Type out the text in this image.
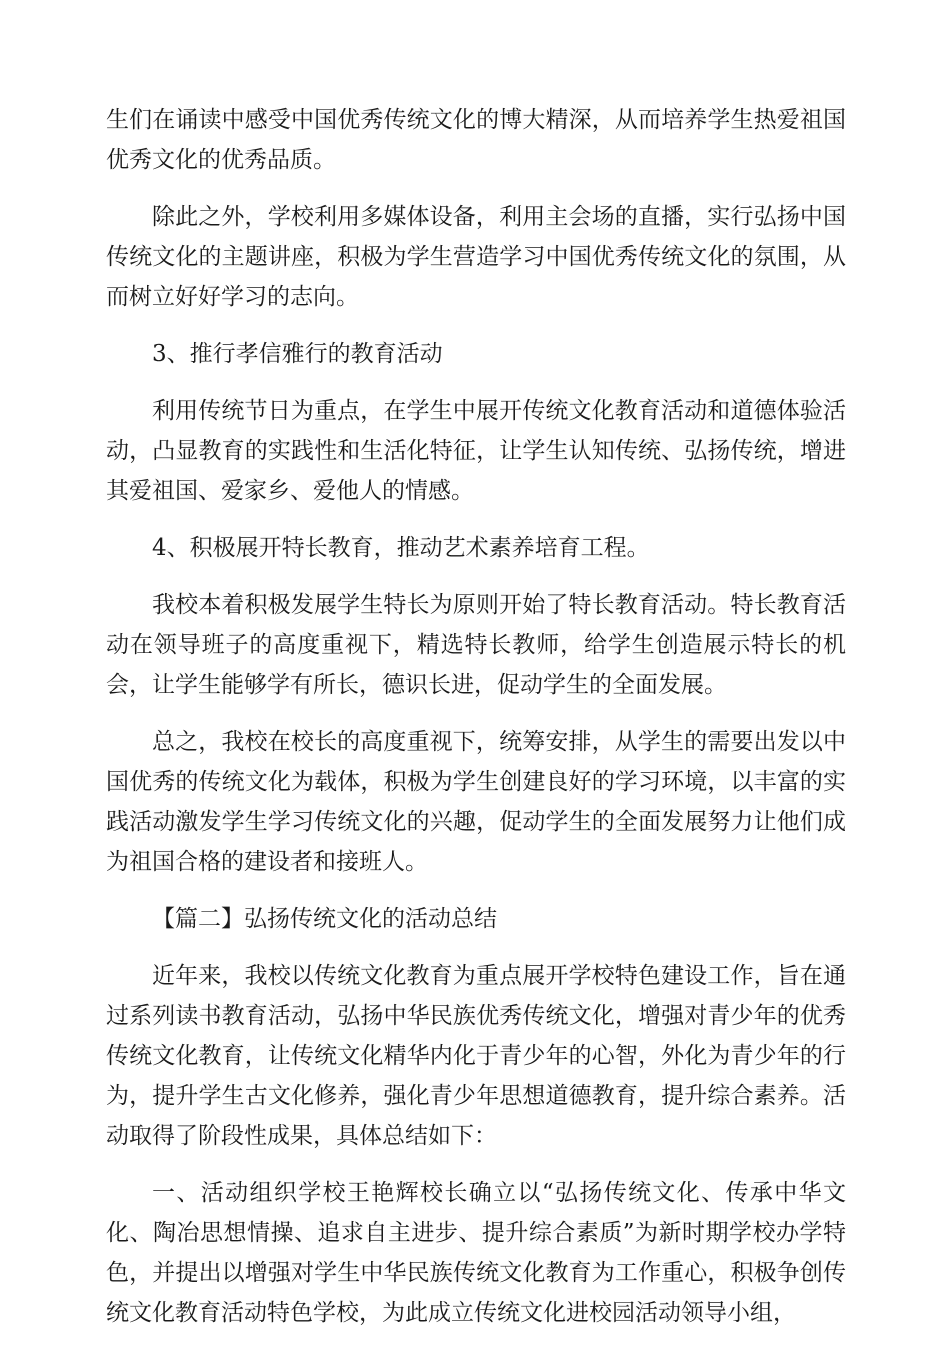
生们在诵读中感受中国优秀传统文化的博大精深，从而培养学生热爱祖国优秀文化的优秀品质。

除此之外，学校利用多媒体设备，利用主会场的直播，实行弘扬中国传统文化的主题讲座，积极为学生营造学习中国优秀传统文化的氛围，从而树立好好学习的志向。

3、推行孝信雅行的教育活动

利用传统节日为重点，在学生中展开传统文化教育活动和道德体验活动，凸显教育的实践性和生活化特征，让学生认知传统、弘扬传统，增进其爱祖国、爱家乡、爱他人的情感。

4、积极展开特长教育，推动艺术素养培育工程。

我校本着积极发展学生特长为原则开始了特长教育活动。特长教育活动在领导班子的高度重视下，精选特长教师，给学生创造展示特长的机会，让学生能够学有所长，德识长进，促动学生的全面发展。

总之，我校在校长的高度重视下，统筹安排，从学生的需要出发以中国优秀的传统文化为载体，积极为学生创建良好的学习环境，以丰富的实践活动激发学生学习传统文化的兴趣，促动学生的全面发展努力让他们成为祖国合格的建设者和接班人。

【篇二】弘扬传统文化的活动总结

近年来，我校以传统文化教育为重点展开学校特色建设工作，旨在通过系列读书教育活动，弘扬中华民族优秀传统文化，增强对青少年的优秀传统文化教育，让传统文化精华内化于青少年的心智，外化为青少年的行为，提升学生古文化修养，强化青少年思想道德教育，提升综合素养。活动取得了阶段性成果，具体总结如下：

一、活动组织学校王艳辉校长确立以“弘扬传统文化、传承中华文化、陶冶思想情操、追求自主进步、提升综合素质”为新时期学校办学特色，并提出以增强对学生中华民族传统文化教育为工作重心，积极争创传统文化教育活动特色学校，为此成立传统文化进校园活动领导小组，
